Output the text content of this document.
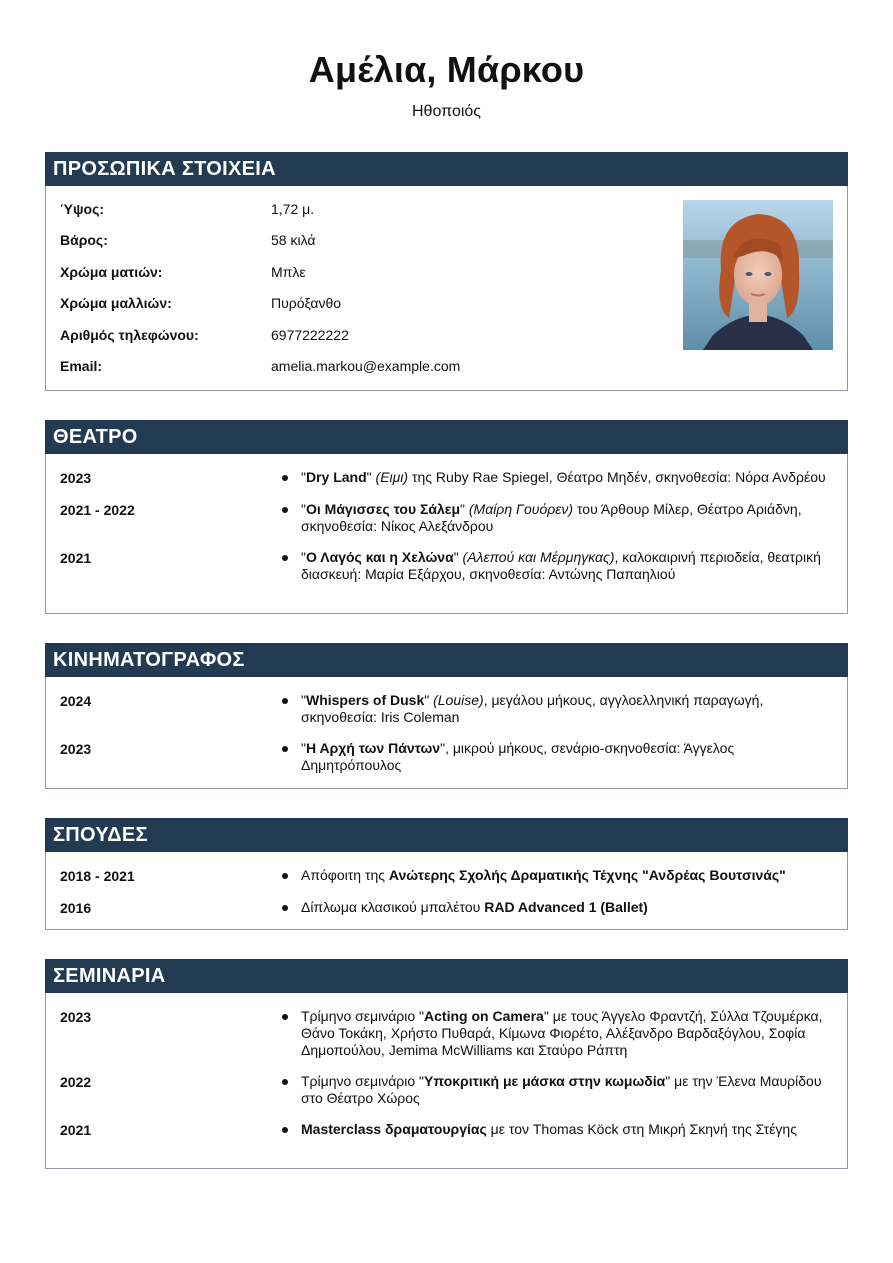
Αμέλια, Μάρκου
Ηθοποιός
ΠΡΟΣΩΠΙΚΑ ΣΤΟΙΧΕΙΑ
Ύψος:	1,72 μ.
Βάρος:	58 κιλά
Χρώμα ματιών:	Μπλε
Χρώμα μαλλιών:	Πυρόξανθο
Αριθμός τηλεφώνου:	6977222222
Email:	amelia.markou@example.com
ΘΕΑΤΡΟ
2023	"Dry Land" (Ειμι) της Ruby Rae Spiegel, Θέατρο Μηδέν, σκηνοθεσία: Νόρα Ανδρέου
2021 - 2022	"Οι Μάγισσες του Σάλεμ" (Μαίρη Γουόρεν) του Άρθουρ Μίλερ, Θέατρο Αριάδνη, σκηνοθεσία: Νίκος Αλεξάνδρου
2021	"Ο Λαγός και η Χελώνα" (Αλεπού και Μέρμηγκας), καλοκαιρινή περιοδεία, θεατρική διασκευή: Μαρία Εξάρχου, σκηνοθεσία: Αντώνης Παπαηλιού
ΚΙΝΗΜΑΤΟΓΡΑΦΟΣ
2024	"Whispers of Dusk" (Louise), μεγάλου μήκους, αγγλοελληνική παραγωγή, σκηνοθεσία: Iris Coleman
2023	"Η Αρχή των Πάντων", μικρού μήκους, σενάριο-σκηνοθεσία: Άγγελος Δημητρόπουλος
ΣΠΟΥΔΕΣ
2018 - 2021	Απόφοιτη της Ανώτερης Σχολής Δραματικής Τέχνης "Ανδρέας Βουτσινάς"
2016	Δίπλωμα κλασικού μπαλέτου RAD Advanced 1 (Ballet)
ΣΕΜΙΝΑΡΙΑ
2023	Τρίμηνο σεμινάριο "Acting on Camera" με τους Άγγελο Φραντζή, Σύλλα Τζουμέρκα, Θάνο Τοκάκη, Χρήστο Πυθαρά, Κίμωνα Φιορέτο, Αλέξανδρο Βαρδαξόγλου, Σοφία Δημοπούλου, Jemima McWilliams και Σταύρο Ράπτη
2022	Τρίμηνο σεμινάριο "Υποκριτική με μάσκα στην κωμωδία" με την Έλενα Μαυρίδου στο Θέατρο Χώρος
2021	Masterclass δραματουργίας με τον Thomas Köck στη Μικρή Σκηνή της Στέγης
